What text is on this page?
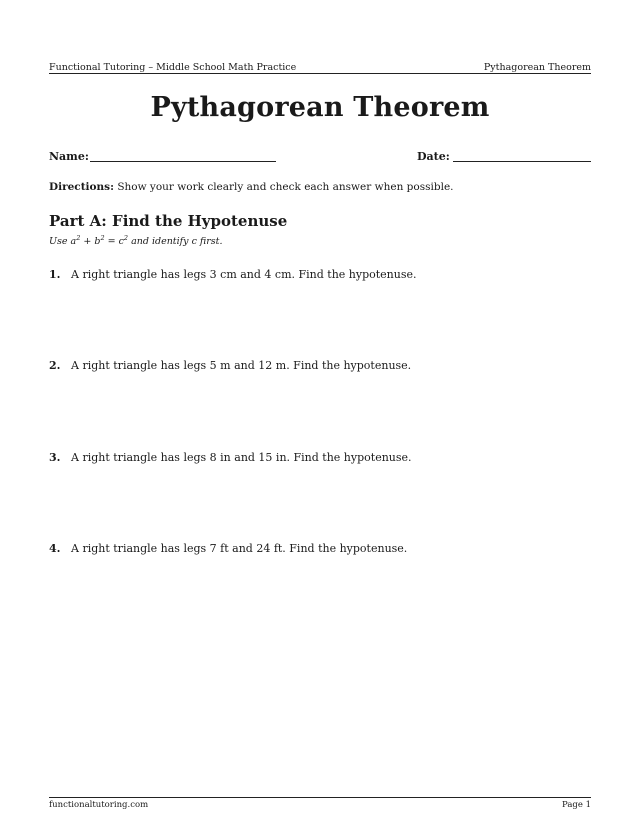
Functional Tutoring – Middle School Math Practice	Pythagorean Theorem
Pythagorean Theorem
Name:	Date:
Directions: Show your work clearly and check each answer when possible.
Part A: Find the Hypotenuse
Use $a^2 + b^2 = c^2$ and identify c first.
1. A right triangle has legs 3 cm and 4 cm. Find the hypotenuse.
2. A right triangle has legs 5 m and 12 m. Find the hypotenuse.
3. A right triangle has legs 8 in and 15 in. Find the hypotenuse.
4. A right triangle has legs 7 ft and 24 ft. Find the hypotenuse.
functionaltutoring.com	Page 1
